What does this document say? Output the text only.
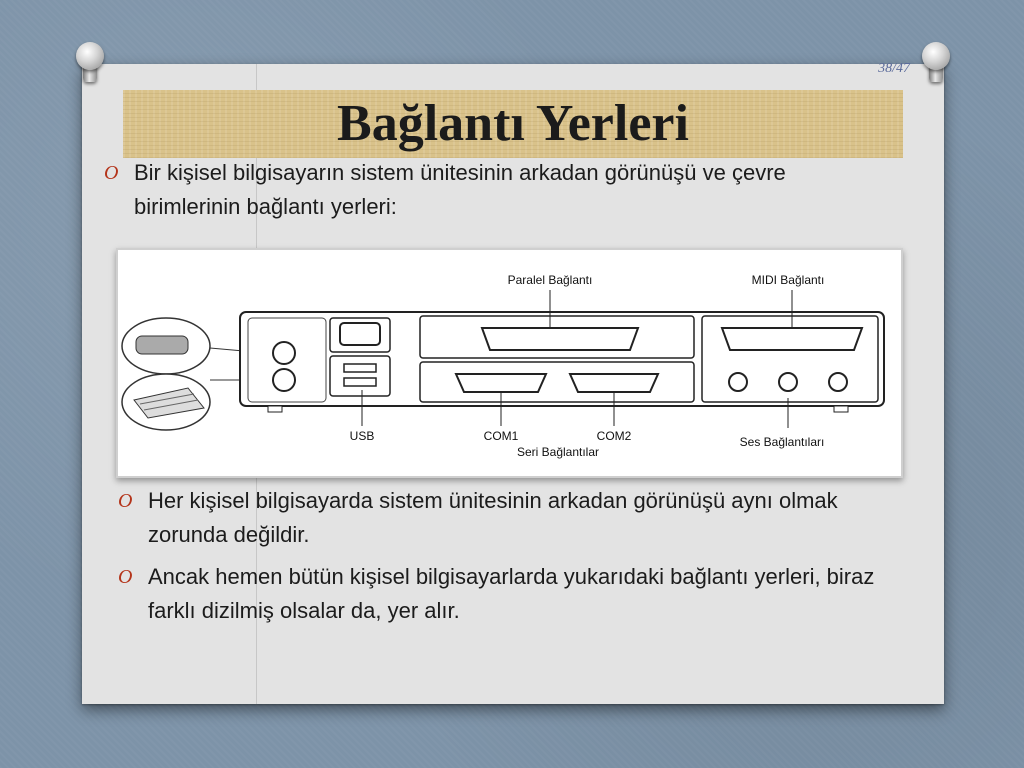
38/47
Bağlantı Yerleri
O Bir kişisel bilgisayarın sistem ünitesinin arkadan görünüşü ve çevre birimlerinin bağlantı yerleri:
Paralel Bağlantı	MIDI Bağlantı
USB	COM1	COM2
Seri Bağlantılar
Ses Bağlantıları
O Her kişisel bilgisayarda sistem ünitesinin arkadan görünüşü aynı olmak zorunda değildir.
O Ancak hemen bütün kişisel bilgisayarlarda yukarıdaki bağlantı yerleri, biraz farklı dizilmiş olsalar da, yer alır.
